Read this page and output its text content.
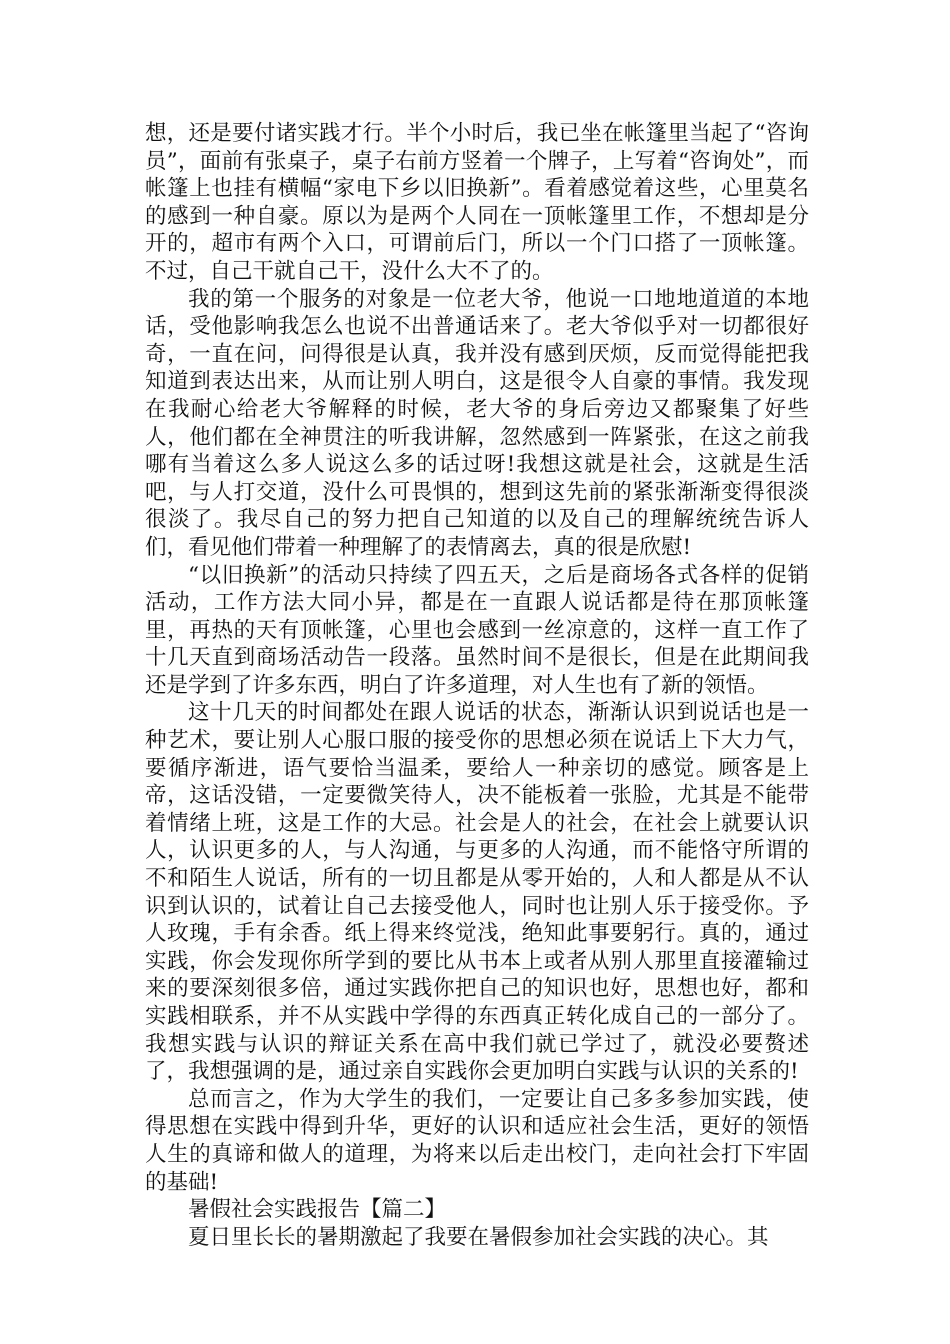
想，还是要付诸实践才行。半个小时后，我已坐在帐篷里当起了“咨询员”，面前有张桌子，桌子右前方竖着一个牌子，上写着“咨询处”，而帐篷上也挂有横幅“家电下乡以旧换新”。看着感觉着这些，心里莫名的感到一种自豪。原以为是两个人同在一顶帐篷里工作，不想却是分开的，超市有两个入口，可谓前后门，所以一个门口搭了一顶帐篷。不过，自己干就自己干，没什么大不了的。

我的第一个服务的对象是一位老大爷，他说一口地地道道的本地话，受他影响我怎么也说不出普通话来了。老大爷似乎对一切都很好奇，一直在问，问得很是认真，我并没有感到厌烦，反而觉得能把我知道到表达出来，从而让别人明白，这是很令人自豪的事情。我发现在我耐心给老大爷解释的时候，老大爷的身后旁边又都聚集了好些人，他们都在全神贯注的听我讲解，忽然感到一阵紧张，在这之前我哪有当着这么多人说这么多的话过呀!我想这就是社会，这就是生活吧，与人打交道，没什么可畏惧的，想到这先前的紧张渐渐变得很淡很淡了。我尽自己的努力把自己知道的以及自己的理解统统告诉人们，看见他们带着一种理解了的表情离去，真的很是欣慰!

“以旧换新”的活动只持续了四五天，之后是商场各式各样的促销活动，工作方法大同小异，都是在一直跟人说话都是待在那顶帐篷里，再热的天有顶帐篷，心里也会感到一丝凉意的，这样一直工作了十几天直到商场活动告一段落。虽然时间不是很长，但是在此期间我还是学到了许多东西，明白了许多道理，对人生也有了新的领悟。

这十几天的时间都处在跟人说话的状态，渐渐认识到说话也是一种艺术，要让别人心服口服的接受你的思想必须在说话上下大力气，要循序渐进，语气要恰当温柔，要给人一种亲切的感觉。顾客是上帝，这话没错，一定要微笑待人，决不能板着一张脸，尤其是不能带着情绪上班，这是工作的大忌。社会是人的社会，在社会上就要认识人，认识更多的人，与人沟通，与更多的人沟通，而不能恪守所谓的不和陌生人说话，所有的一切且都是从零开始的，人和人都是从不认识到认识的，试着让自己去接受他人，同时也让别人乐于接受你。予人玫瑰，手有余香。纸上得来终觉浅，绝知此事要躬行。真的，通过实践，你会发现你所学到的要比从书本上或者从别人那里直接灌输过来的要深刻很多倍，通过实践你把自己的知识也好，思想也好，都和实践相联系，并不从实践中学得的东西真正转化成自己的一部分了。我想实践与认识的辩证关系在高中我们就已学过了，就没必要赘述了，我想强调的是，通过亲自实践你会更加明白实践与认识的关系的!

总而言之，作为大学生的我们，一定要让自己多多参加实践，使得思想在实践中得到升华，更好的认识和适应社会生活，更好的领悟人生的真谛和做人的道理，为将来以后走出校门，走向社会打下牢固的基础!

暑假社会实践报告【篇二】

夏日里长长的暑期激起了我要在暑假参加社会实践的决心。其
